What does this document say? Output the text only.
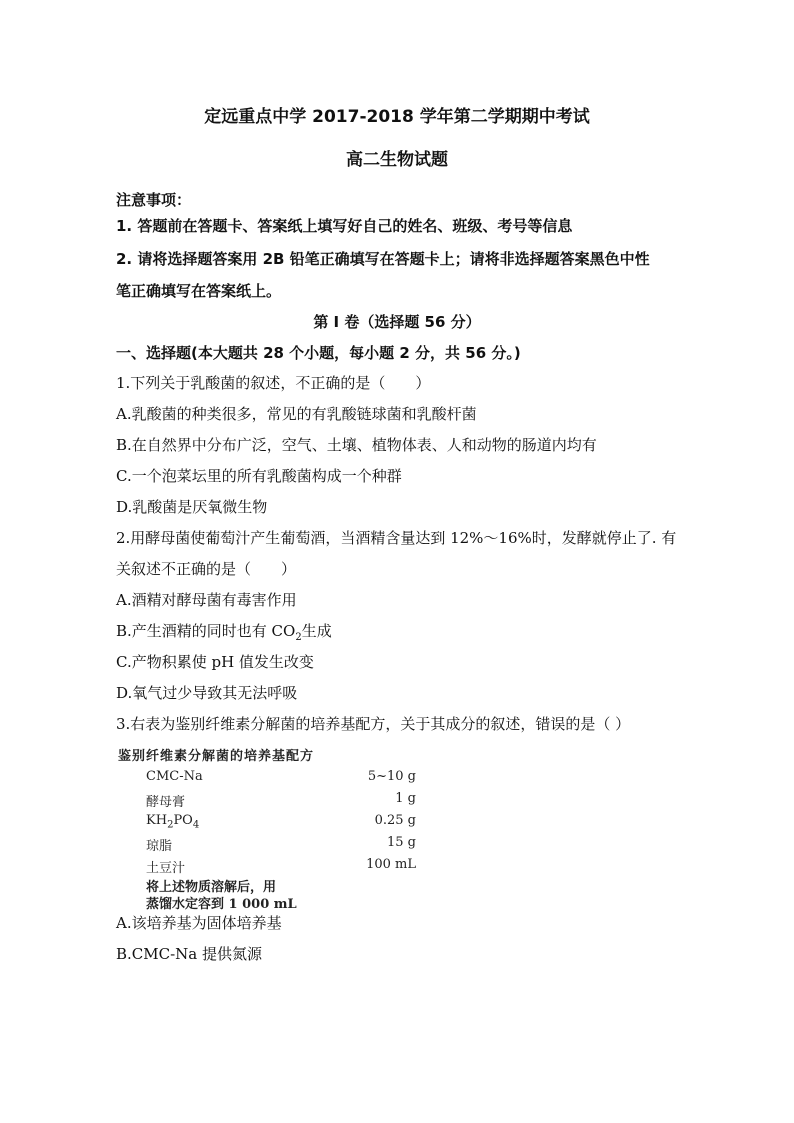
定远重点中学 2017-2018 学年第二学期期中考试
高二生物试题
注意事项：
1. 答题前在答题卡、答案纸上填写好自己的姓名、班级、考号等信息
2. 请将选择题答案用 2B 铅笔正确填写在答题卡上；请将非选择题答案黑色中性
笔正确填写在答案纸上。
第 I 卷（选择题 56 分）
一、选择题(本大题共 28 个小题，每小题 2 分，共 56 分。)
1.下列关于乳酸菌的叙述，不正确的是（　　）
A.乳酸菌的种类很多，常见的有乳酸链球菌和乳酸杆菌
B.在自然界中分布广泛，空气、土壤、植物体表、人和动物的肠道内均有
C.一个泡菜坛里的所有乳酸菌构成一个种群
D.乳酸菌是厌氧微生物
2.用酵母菌使葡萄汁产生葡萄酒，当酒精含量达到 12%～16%时，发酵就停止了. 有
关叙述不正确的是（　　）
A.酒精对酵母菌有毒害作用
B.产生酒精的同时也有 $CO_2$生成
C.产物积累使 pH 值发生改变
D.氧气过少导致其无法呼吸
3.右表为鉴别纤维素分解菌的培养基配方，关于其成分的叙述，错误的是（ ）
鉴别纤维素分解菌的培养基配方
CMC-Na	5~10 g
酵母膏	1 g
$KH_2PO_4$	0.25 g
琼脂	15 g
土豆汁	100 mL
将上述物质溶解后，用
蒸馏水定容到 1 000 mL
A.该培养基为固体培养基
B.CMC-Na 提供氮源
